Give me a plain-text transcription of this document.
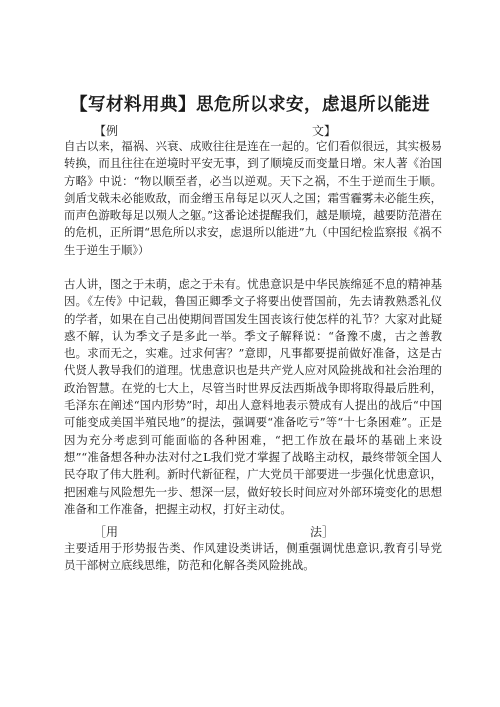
【写材料用典】思危所以求安，虑退所以能进
【例	文】

自古以来，福祸、兴衰、成败往往是连在一起的。它们看似很远，其实极易转换，而且往往在逆境时平安无事，到了顺境反而变量日增。宋人著《治国方略》中说：“物以顺至者，必当以逆观。天下之祸，不生于逆而生于顺。剑盾戈戟未必能败敌，而金缯玉帛每足以灭人之国；霜雪霾雾未必能生疾，而声色游畋每足以殒人之躯。”这番论述提醒我们，越是顺境，越要防范潜在的危机，正所谓“思危所以求安，虑退所以能进”九（中国纪检监察报《祸不生于逆生于顺》）

古人讲，图之于未萌，虑之于未有。忧患意识是中华民族绵延不息的精神基因。《左传》中记载，鲁国正卿季文子将要出使晋国前，先去请教熟悉礼仪的学者，如果在自己出使期间晋国发生国丧该行使怎样的礼节？大家对此疑惑不解，认为季文子是多此一举。季文子解释说：“备豫不虞，古之善教也。求而无之，实难。过求何害？”意即，凡事都要提前做好准备，这是古代贤人教导我们的道理。忧患意识也是共产党人应对风险挑战和社会治理的政治智慧。在党的七大上，尽管当时世界反法西斯战争即将取得最后胜利，毛泽东在阐述“国内形势”时，却出人意料地表示赞成有人提出的战后“中国可能变成美国半殖民地”的提法，强调要“准备吃亏”等“十七条困难”。正是因为充分考虑到可能面临的各种困难，“把工作放在最坏的基础上来设想”“准备想各种办法对付之L我们党才掌握了战略主动权，最终带领全国人民夺取了伟大胜利。新时代新征程，广大党员干部要进一步强化忧患意识，把困难与风险想先一步、想深一层，做好较长时间应对外部环境变化的思想准备和工作准备，把握主动权，打好主动仗。

［用	法］

主要适用于形势报告类、作风建设类讲话，侧重强调忧患意识,教育引导党员干部树立底线思维，防范和化解各类风险挑战。
